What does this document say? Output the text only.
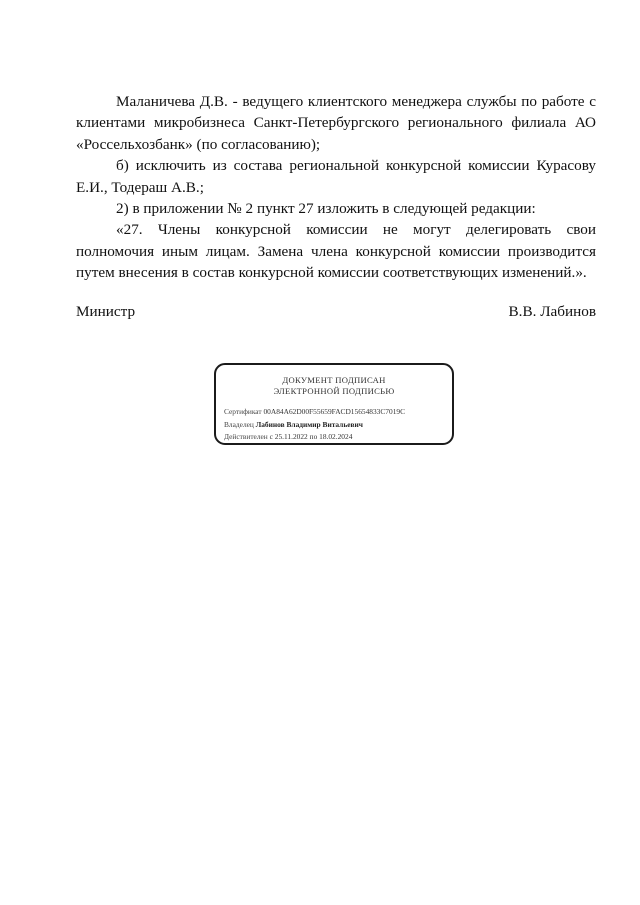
Маланичева Д.В. - ведущего клиентского менеджера службы по работе с клиентами микробизнеса Санкт-Петербургского регионального филиала АО «Россельхозбанк» (по согласованию);

б) исключить из состава региональной конкурсной комиссии Курасову Е.И., Тодераш А.В.;

2) в приложении № 2 пункт 27 изложить в следующей редакции:

«27. Члены конкурсной комиссии не могут делегировать свои полномочия иным лицам. Замена члена конкурсной комиссии производится путем внесения в состав конкурсной комиссии соответствующих изменений.».

Министр	В.В. Лабинов
ДОКУМЕНТ ПОДПИСАН
ЭЛЕКТРОННОЙ ПОДПИСЬЮ
Сертификат 00A84A62D00F55659FACD15654833C7019C
Владелец Лабинов Владимир Витальевич
Действителен с 25.11.2022 по 18.02.2024
